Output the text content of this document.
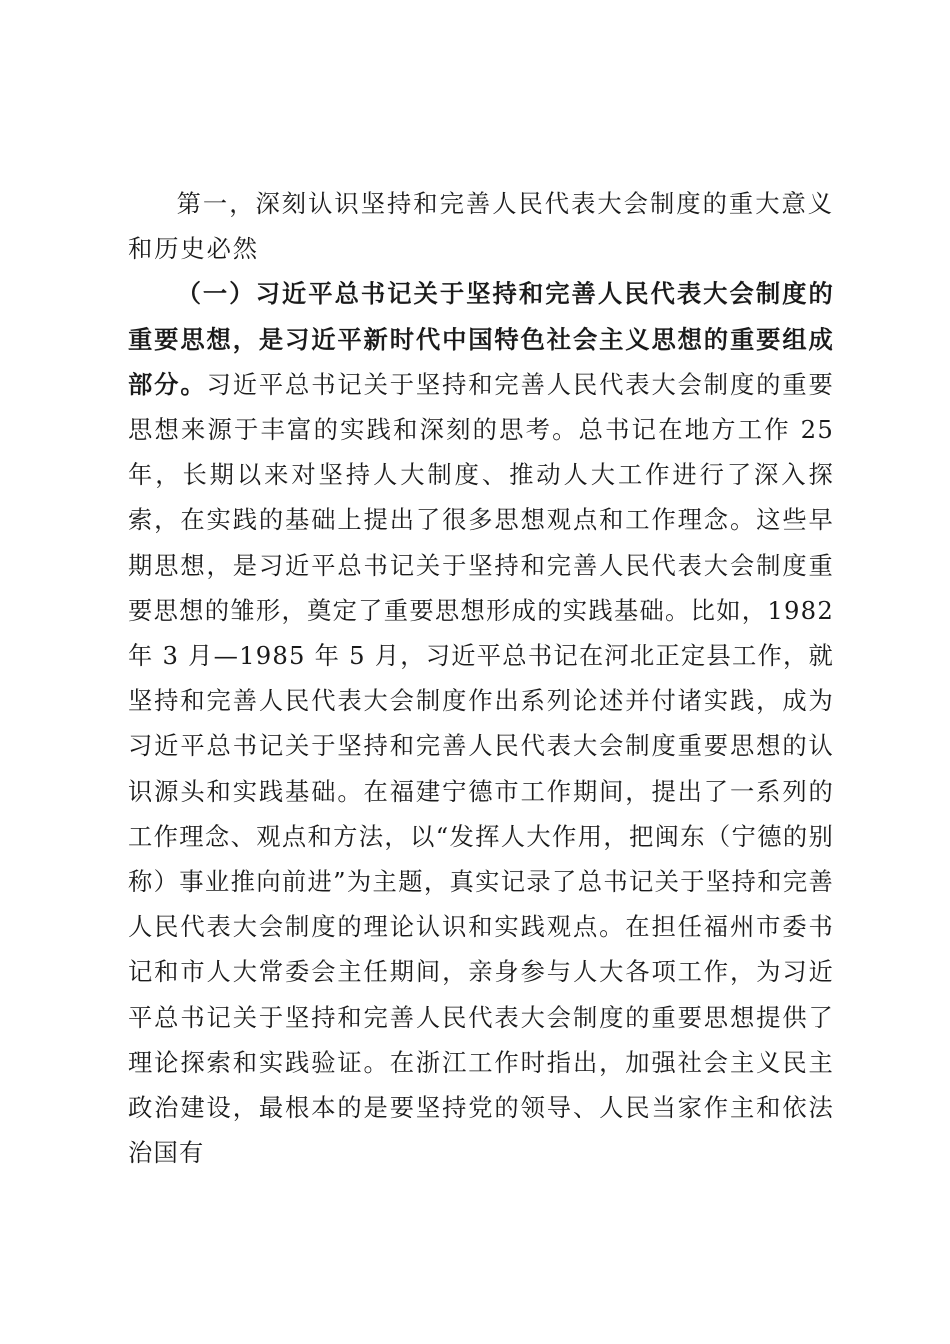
第一，深刻认识坚持和完善人民代表大会制度的重大意义和历史必然

（一）习近平总书记关于坚持和完善人民代表大会制度的重要思想，是习近平新时代中国特色社会主义思想的重要组成部分。习近平总书记关于坚持和完善人民代表大会制度的重要思想来源于丰富的实践和深刻的思考。总书记在地方工作 25 年，长期以来对坚持人大制度、推动人大工作进行了深入探索，在实践的基础上提出了很多思想观点和工作理念。这些早期思想，是习近平总书记关于坚持和完善人民代表大会制度重要思想的雏形，奠定了重要思想形成的实践基础。比如，1982 年 3 月—1985 年 5 月，习近平总书记在河北正定县工作，就坚持和完善人民代表大会制度作出系列论述并付诸实践，成为习近平总书记关于坚持和完善人民代表大会制度重要思想的认识源头和实践基础。在福建宁德市工作期间，提出了一系列的工作理念、观点和方法，以“发挥人大作用，把闽东（宁德的别称）事业推向前进”为主题，真实记录了总书记关于坚持和完善人民代表大会制度的理论认识和实践观点。在担任福州市委书记和市人大常委会主任期间，亲身参与人大各项工作，为习近平总书记关于坚持和完善人民代表大会制度的重要思想提供了理论探索和实践验证。在浙江工作时指出，加强社会主义民主政治建设，最根本的是要坚持党的领导、人民当家作主和依法治国有
